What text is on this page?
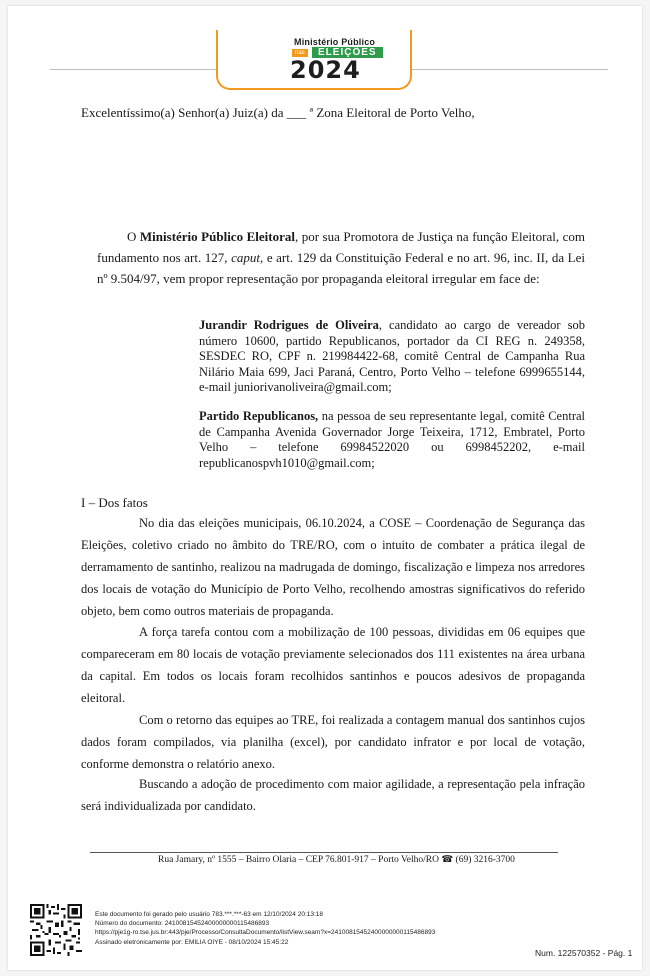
Ministério Público
nas	ELEIÇÕES
2024
Excelentíssimo(a) Senhor(a) Juiz(a) da ___ ª Zona Eleitoral de Porto Velho,
O Ministério Público Eleitoral, por sua Promotora de Justiça na função Eleitoral, com fundamento nos art. 127, caput, e art. 129 da Constituição Federal e no art. 96, inc. II, da Lei nº 9.504/97, vem propor representação por propaganda eleitoral irregular em face de:
Jurandir Rodrigues de Oliveira, candidato ao cargo de vereador sob número 10600, partido Republicanos, portador da CI REG n. 249358, SESDEC RO, CPF n. 219984422-68, comitê Central de Campanha Rua Nilário Maia 699, Jaci Paraná, Centro, Porto Velho – telefone 6999655144, e-mail juniorivanoliveira@gmail.com;
Partido Republicanos, na pessoa de seu representante legal, comitê Central de Campanha Avenida Governador Jorge Teixeira, 1712, Embratel, Porto Velho – telefone 69984522020 ou 6998452202, e-mail republicanospvh1010@gmail.com;
I – Dos fatos
No dia das eleições municipais, 06.10.2024, a COSE – Coordenação de Segurança das Eleições, coletivo criado no âmbito do TRE/RO, com o intuito de combater a prática ilegal de derramamento de santinho, realizou na madrugada de domingo, fiscalização e limpeza nos arredores dos locais de votação do Município de Porto Velho, recolhendo amostras significativos do referido objeto, bem como outros materiais de propaganda.
A força tarefa contou com a mobilização de 100 pessoas, divididas em 06 equipes que compareceram em 80 locais de votação previamente selecionados dos 111 existentes na área urbana da capital. Em todos os locais foram recolhidos santinhos e poucos adesivos de propaganda eleitoral.
Com o retorno das equipes ao TRE, foi realizada a contagem manual dos santinhos cujos dados foram compilados, via planilha (excel), por candidato infrator e por local de votação, conforme demonstra o relatório anexo.
Buscando a adoção de procedimento com maior agilidade, a representação pela infração será individualizada por candidato.
Rua Jamary, nº 1555 – Bairro Olaria – CEP 76.801-917 – Porto Velho/RO ☎ (69) 3216-3700
Este documento foi gerado pelo usuário 783.***.***-63 em 12/10/2024 20:13:18
Número do documento: 24100815452400000000115486893
https://pje1g-ro.tse.jus.br:443/pje/Processo/ConsultaDocumento/listView.seam?x=24100815452400000000115486893
Assinado eletronicamente por: EMILIA OIYE - 08/10/2024 15:45:22
Num. 122570352 - Pág. 1
